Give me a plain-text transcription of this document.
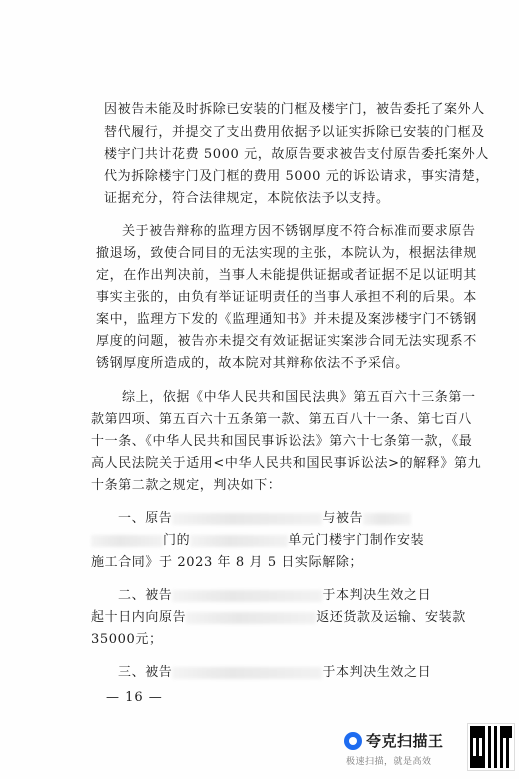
因被告未能及时拆除已安装的门框及楼宇门，被告委托了案外人
替代履行，并提交了支出费用依据予以证实拆除已安装的门框及
楼宇门共计花费 5000 元，故原告要求被告支付原告委托案外人
代为拆除楼宇门及门框的费用 5000 元的诉讼请求，事实清楚，
证据充分，符合法律规定，本院依法予以支持。
关于被告辩称的监理方因不锈钢厚度不符合标准而要求原告
撤退场，致使合同目的无法实现的主张，本院认为，根据法律规
定，在作出判决前，当事人未能提供证据或者证据不足以证明其
事实主张的，由负有举证证明责任的当事人承担不利的后果。本
案中，监理方下发的《监理通知书》并未提及案涉楼宇门不锈钢
厚度的问题，被告亦未提交有效证据证实案涉合同无法实现系不
锈钢厚度所造成的，故本院对其辩称依法不予采信。
综上，依据《中华人民共和国民法典》第五百六十三条第一
款第四项、第五百六十五条第一款、第五百八十一条、第七百八
十一条、《中华人民共和国民事诉讼法》第六十七条第一款，《最
高人民法院关于适用<中华人民共和国民事诉讼法>的解释》第九
十条第二款之规定，判决如下：
一、原告	与被告
门的	单元门楼宇门制作安装
施工合同》于 2023 年 8 月 5 日实际解除；
二、被告	于本判决生效之日
起十日内向原告	返还货款及运输、安装款
35000元；
三、被告	于本判决生效之日
— 16 —
夸克扫描王
极速扫描，就是高效
